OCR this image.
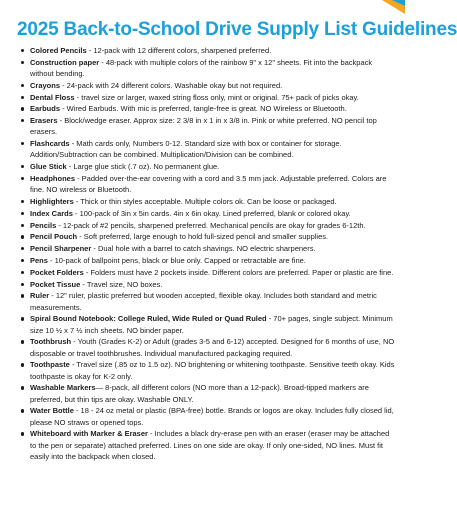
2025 Back-to-School Drive Supply List Guidelines
Colored Pencils - 12-pack with 12 different colors, sharpened preferred.
Construction paper - 48-pack with multiple colors of the rainbow 9" x 12" sheets. Fit into the backpack without bending.
Crayons - 24-pack with 24 different colors. Washable okay but not required.
Dental Floss - travel size or larger, waxed string floss only, mint or original. 75+ pack of picks okay.
Earbuds - Wired Earbuds. With mic is preferred, tangle-free is great. NO Wireless or Bluetooth.
Erasers - Block/wedge eraser. Approx size: 2 3/8 in x 1 in x 3/8 in. Pink or white preferred. NO pencil top erasers.
Flashcards - Math cards only, Numbers 0-12. Standard size with box or container for storage. Addition/Subtraction can be combined. Multiplication/Division can be combined.
Glue Stick - Large glue stick (.7 oz). No permanent glue.
Headphones - Padded over-the-ear covering with a cord and 3.5 mm jack. Adjustable preferred. Colors are fine. NO wireless or Bluetooth.
Highlighters - Thick or thin styles acceptable. Multiple colors ok. Can be loose or packaged.
Index Cards - 100-pack of 3in x 5in cards. 4in x 6in okay. Lined preferred, blank or colored okay.
Pencils - 12-pack of #2 pencils, sharpened preferred. Mechanical pencils are okay for grades 6-12th.
Pencil Pouch - Soft preferred, large enough to hold full-sized pencil and smaller supplies.
Pencil Sharpener - Dual hole with a barrel to catch shavings. NO electric sharpeners.
Pens - 10-pack of ballpoint pens, black or blue only. Capped or retractable are fine.
Pocket Folders - Folders must have 2 pockets inside. Different colors are preferred. Paper or plastic are fine.
Pocket Tissue - Travel size, NO boxes.
Ruler - 12" ruler, plastic preferred but wooden accepted, flexible okay. Includes both standard and metric measurements.
Spiral Bound Notebook: College Ruled, Wide Ruled or Quad Ruled - 70+ pages, single subject. Minimum size 10 ½ x 7 ½ inch sheets. NO binder paper.
Toothbrush - Youth (Grades K-2) or Adult (grades 3-5 and 6-12) accepted. Designed for 6 months of use, NO disposable or travel toothbrushes. Individual manufactured packaging required.
Toothpaste - Travel size (.85 oz to 1.5 oz). NO brightening or whitening toothpaste. Sensitive teeth okay. Kids toothpaste is okay for K-2 only.
Washable Markers— 8-pack, all different colors (NO more than a 12-pack). Broad-tipped markers are preferred, but thin tips are okay. Washable ONLY.
Water Bottle - 18 - 24 oz metal or plastic (BPA-free) bottle. Brands or logos are okay. Includes fully closed lid, please NO straws or opened tops.
Whiteboard with Marker & Eraser - Includes a black dry-erase pen with an eraser (eraser may be attached to the pen or separate) attached preferred. Lines on one side are okay. If only one-sided, NO lines. Must fit easily into the backpack when closed.
